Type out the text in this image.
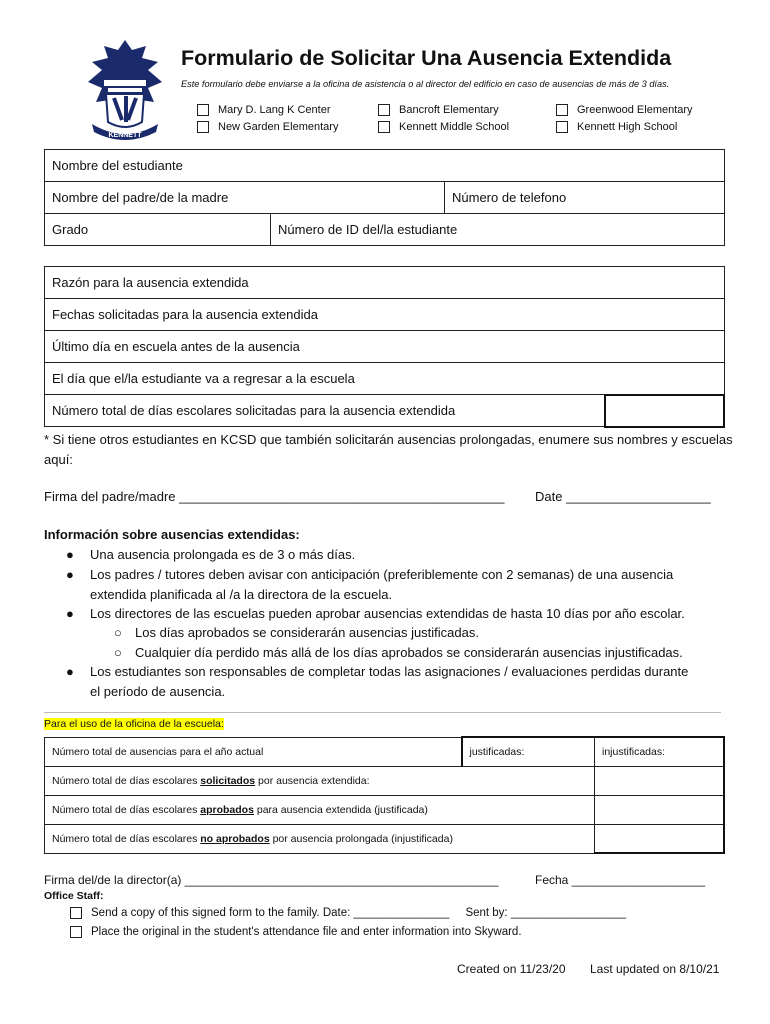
KENNETT
Formulario de Solicitar Una Ausencia Extendida
Este formulario debe enviarse a la oficina de asistencia o al director del edificio en caso de ausencias de más de 3 días.
Mary D. Lang K Center	Bancroft Elementary	Greenwood Elementary
New Garden Elementary	Kennett Middle School	Kennett High School
Nombre del estudiante		
Nombre del padre/de la madre		Número de telefono
Grado	Número de ID del/la estudiante	
Razón para la ausencia extendida
Fechas solicitadas para la ausencia extendida
Último día en escuela antes de la ausencia
El día que el/la estudiante va a regresar a la escuela
Número total de días escolares solicitadas para la ausencia extendida	
* Si tiene otros estudiantes en KCSD que también solicitarán ausencias prolongadas, enumere sus nombres y escuelas aquí:
Firma del padre/madre _____________________________________________ Date ____________________
Información sobre ausencias extendidas:
● Una ausencia prolongada es de 3 o más días.
● Los padres / tutores deben avisar con anticipación (preferiblemente con 2 semanas) de una ausencia extendida planificada al /a la directora de la escuela.
● Los directores de las escuelas pueden aprobar ausencias extendidas de hasta 10 días por año escolar.
○ Los días aprobados se considerarán ausencias justificadas.
○ Cualquier día perdido más allá de los días aprobados se considerarán ausencias injustificadas.
● Los estudiantes son responsables de completar todas las asignaciones / evaluaciones perdidas durante el período de ausencia.
Para el uso de la oficina de la escuela:
Número total de ausencias para el año actual	justificadas:	injustificadas:
Número total de días escolares solicitados por ausencia extendida:		
Número total de días escolares aprobados para ausencia extendida (justificada)		
Número total de días escolares no aprobados por ausencia prolongada (injustificada)		
Firma del/de la director(a) _______________________________________________	Fecha ____________________
Office Staff:
Send a copy of this signed form to the family. Date:
_______________
Sent by:
__________________
Place the original in the student's attendance file and enter information into Skyward.
Created on 11/23/20 Last updated on 8/10/21
